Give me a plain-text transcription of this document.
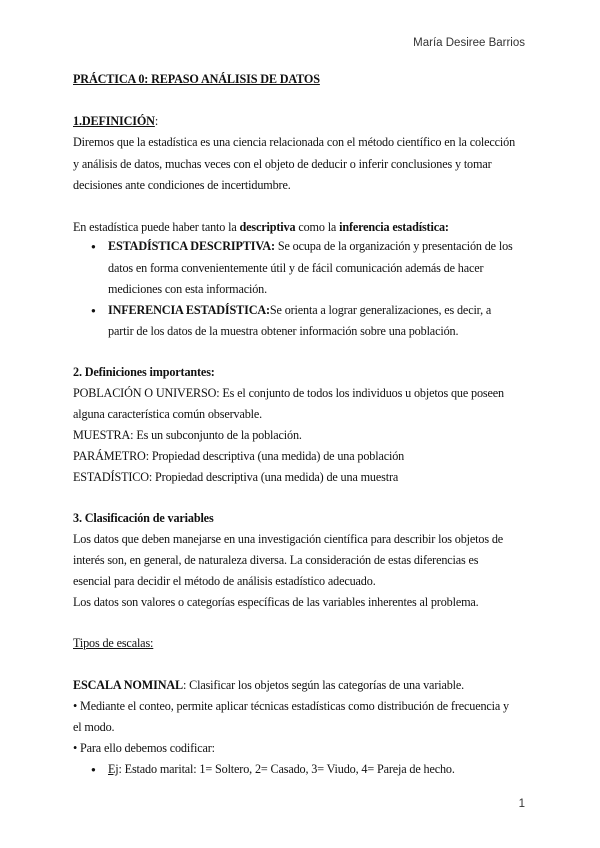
María Desiree Barrios
PRÁCTICA 0: REPASO ANÁLISIS DE DATOS
1.DEFINICIÓN:
Diremos que la estadística es una ciencia relacionada con el método científico en la colección
y análisis de datos, muchas veces con el objeto de deducir o inferir conclusiones y tomar
decisiones ante condiciones de incertidumbre.
En estadística puede haber tanto la descriptiva como la inferencia estadística:
● ESTADÍSTICA DESCRIPTIVA: Se ocupa de la organización y presentación de los
datos en forma convenientemente útil y de fácil comunicación además de hacer
mediciones con esta información.
● INFERENCIA ESTADÍSTICA:Se orienta a lograr generalizaciones, es decir, a
partir de los datos de la muestra obtener información sobre una población.
2. Definiciones importantes:
POBLACIÓN O UNIVERSO: Es el conjunto de todos los individuos u objetos que poseen
alguna característica común observable.
MUESTRA: Es un subconjunto de la población.
PARÁMETRO: Propiedad descriptiva (una medida) de una población
ESTADÍSTICO: Propiedad descriptiva (una medida) de una muestra
3. Clasificación de variables
Los datos que deben manejarse en una investigación científica para describir los objetos de
interés son, en general, de naturaleza diversa. La consideración de estas diferencias es
esencial para decidir el método de análisis estadístico adecuado.
Los datos son valores o categorías específicas de las variables inherentes al problema.
Tipos de escalas:
ESCALA NOMINAL: Clasificar los objetos según las categorías de una variable.
• Mediante el conteo, permite aplicar técnicas estadísticas como distribución de frecuencia y
el modo.
• Para ello debemos codificar:
● Ej: Estado marital: 1= Soltero, 2= Casado, 3= Viudo, 4= Pareja de hecho.
1
